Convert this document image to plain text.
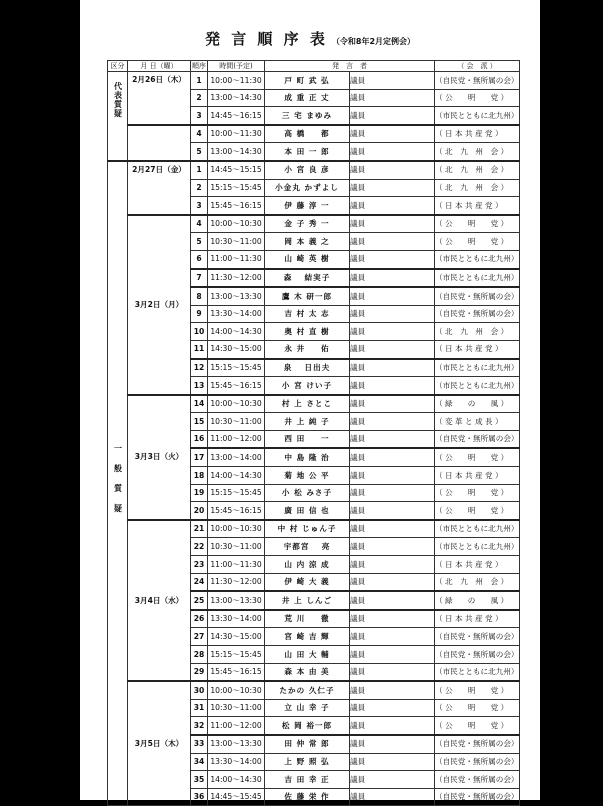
発 言 順 序 表 （令和8年2月定例会）
区分	月 日（曜）	順序	時間(予定)	発　言　者		（ 会　派 ）

代表質疑	2月26日（木）	1	10:00～11:30	戸 町 武 弘	議員	（自民党・無所属の会）
		2	13:00～14:30	成 重 正 丈	議員	（ 公　　明　　党 ）
		3	14:45～16:15	三 宅 まゆみ	議員	（市民とともに北九州）
		4	10:00～11:30	高 橋 　 都	議員	（ 日 本 共 産 党 ）
		5	13:00～14:30	本 田 一 郎	議員	（ 北　九　州　会 ）

一般質疑	2月27日（金）	1	14:45～15:15	小 宮 良 彦	議員	（ 北　九　州　会 ）
		2	15:15～15:45	小金丸 かずよし	議員	（ 北　九　州　会 ）
		3	15:45～16:15	伊 藤 淳 一	議員	（ 日 本 共 産 党 ）
	3月2日（月）	4	10:00～10:30	金 子 秀 一	議員	（ 公　　明　　党 ）
		5	10:30～11:00	岡 本 義 之	議員	（ 公　　明　　党 ）
		6	11:00～11:30	山 崎 英 樹	議員	（市民とともに北九州）
		7	11:30～12:00	森 　結実子	議員	（市民とともに北九州）
		8	13:00～13:30	鷹 木 研一郎	議員	（自民党・無所属の会）
		9	13:30～14:00	吉 村 太 志	議員	（自民党・無所属の会）
		10	14:00～14:30	奥 村 直 樹	議員	（ 北　九　州　会 ）
		11	14:30～15:00	永 井 　 佑	議員	（ 日 本 共 産 党 ）
		12	15:15～15:45	泉 　日出夫	議員	（市民とともに北九州）
		13	15:45～16:15	小 宮 けい子	議員	（市民とともに北九州）
	3月3日（火）	14	10:00～10:30	村 上 さとこ	議員	（ 緑　　の　　風 ）
		15	10:30～11:00	井 上 純 子	議員	（ 変 革 と 成 長 ）
		16	11:00～12:00	西 田 　 一	議員	（自民党・無所属の会）
		17	13:00～14:00	中 島 隆 治	議員	（ 公　　明　　党 ）
		18	14:00～14:30	菊 地 公 平	議員	（ 日 本 共 産 党 ）
		19	15:15～15:45	小 松 みさ子	議員	（ 公　　明　　党 ）
		20	15:45～16:15	廣 田 信 也	議員	（ 公　　明　　党 ）
	3月4日（水）	21	10:00～10:30	中 村 じゅん子	議員	（市民とともに北九州）
		22	10:30～11:00	宇都宮 　亮	議員	（市民とともに北九州）
		23	11:00～11:30	山 内 涼 成	議員	（ 日 本 共 産 党 ）
		24	11:30～12:00	伊 崎 大 義	議員	（ 北　九　州　会 ）
		25	13:00～13:30	井 上 しんご	議員	（ 緑　　の　　風 ）
		26	13:30～14:00	荒 川 　 徹	議員	（ 日 本 共 産 党 ）
		27	14:30～15:00	宮 崎 吉 輝	議員	（自民党・無所属の会）
		28	15:15～15:45	山 田 大 輔	議員	（自民党・無所属の会）
		29	15:45～16:15	森 本 由 美	議員	（市民とともに北九州）
	3月5日（木）	30	10:00～10:30	たかの 久仁子	議員	（ 公　　明　　党 ）
		31	10:30～11:00	立 山 幸 子	議員	（ 公　　明　　党 ）
		32	11:00～12:00	松 岡 裕一郎	議員	（ 公　　明　　党 ）
		33	13:00～13:30	田 仲 常 郎	議員	（自民党・無所属の会）
		34	13:30～14:00	上 野 照 弘	議員	（自民党・無所属の会）
		35	14:00～14:30	吉 田 幸 正	議員	（自民党・無所属の会）
		36	14:45～15:45	佐 藤 栄 作	議員	（自民党・無所属の会）
